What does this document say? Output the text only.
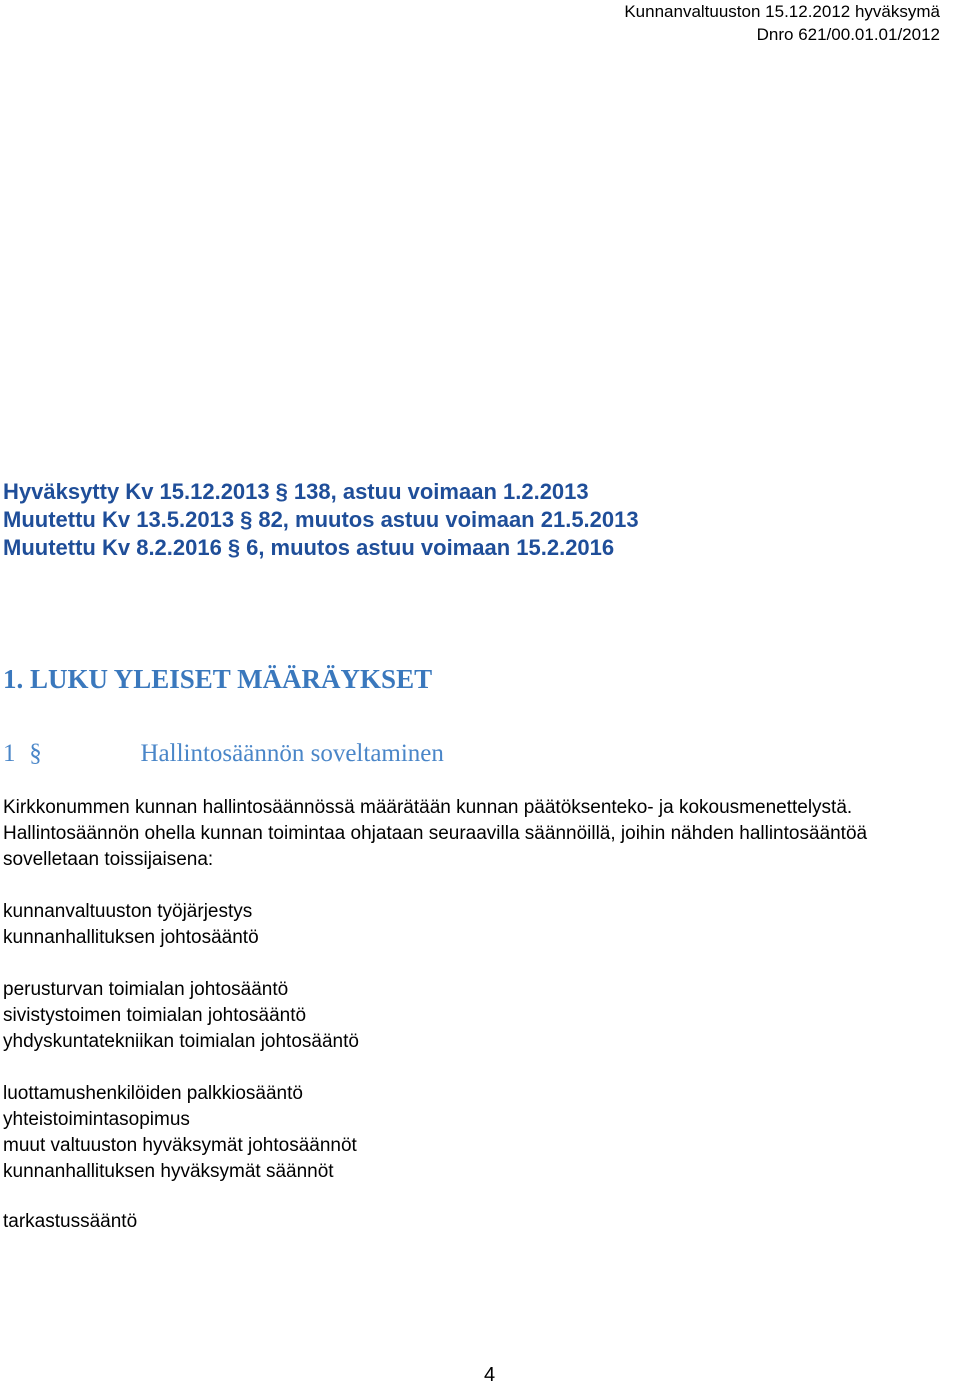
Kunnanvaltuuston 15.12.2012 hyväksymä
Dnro 621/00.01.01/2012
Hyväksytty Kv 15.12.2013 § 138, astuu voimaan 1.2.2013
Muutettu Kv 13.5.2013 § 82, muutos astuu voimaan 21.5.2013
Muutettu Kv 8.2.2016 § 6, muutos astuu voimaan 15.2.2016
1. LUKU YLEISET MÄÄRÄYKSET
1 §	Hallintosäännön soveltaminen

Kirkkonummen kunnan hallintosäännössä määrätään kunnan päätöksenteko- ja kokousmenettelystä. Hallintosäännön ohella kunnan toimintaa ohjataan seuraavilla säännöillä, joihin nähden hallintosääntöä sovelletaan toissijaisena:

kunnanvaltuuston työjärjestys
kunnanhallituksen johtosääntö
perusturvan toimialan johtosääntö
sivistystoimen toimialan johtosääntö
yhdyskuntatekniikan toimialan johtosääntö
luottamushenkilöiden palkkiosääntö
yhteistoimintasopimus
muut valtuuston hyväksymät johtosäännöt
kunnanhallituksen hyväksymät säännöt
tarkastussääntö
4
